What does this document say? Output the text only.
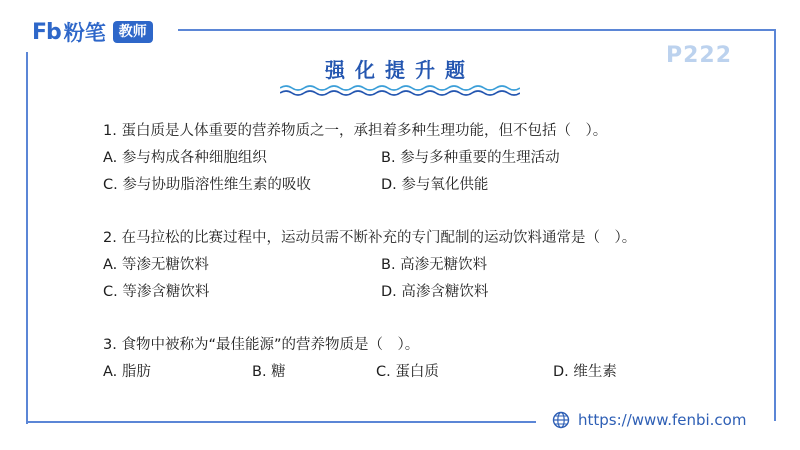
Fb 粉笔 教师
P222
强化提升题
1. 蛋白质是人体重要的营养物质之一，承担着多种生理功能，但不包括（　）。
A. 参与构成各种细胞组织	B. 参与多种重要的生理活动
C. 参与协助脂溶性维生素的吸收	D. 参与氧化供能
2. 在马拉松的比赛过程中，运动员需不断补充的专门配制的运动饮料通常是（　）。
A. 等渗无糖饮料	B. 高渗无糖饮料
C. 等渗含糖饮料	D. 高渗含糖饮料
3. 食物中被称为“最佳能源”的营养物质是（　）。
A. 脂肪	B. 糖	C. 蛋白质	D. 维生素
https://www.fenbi.com
